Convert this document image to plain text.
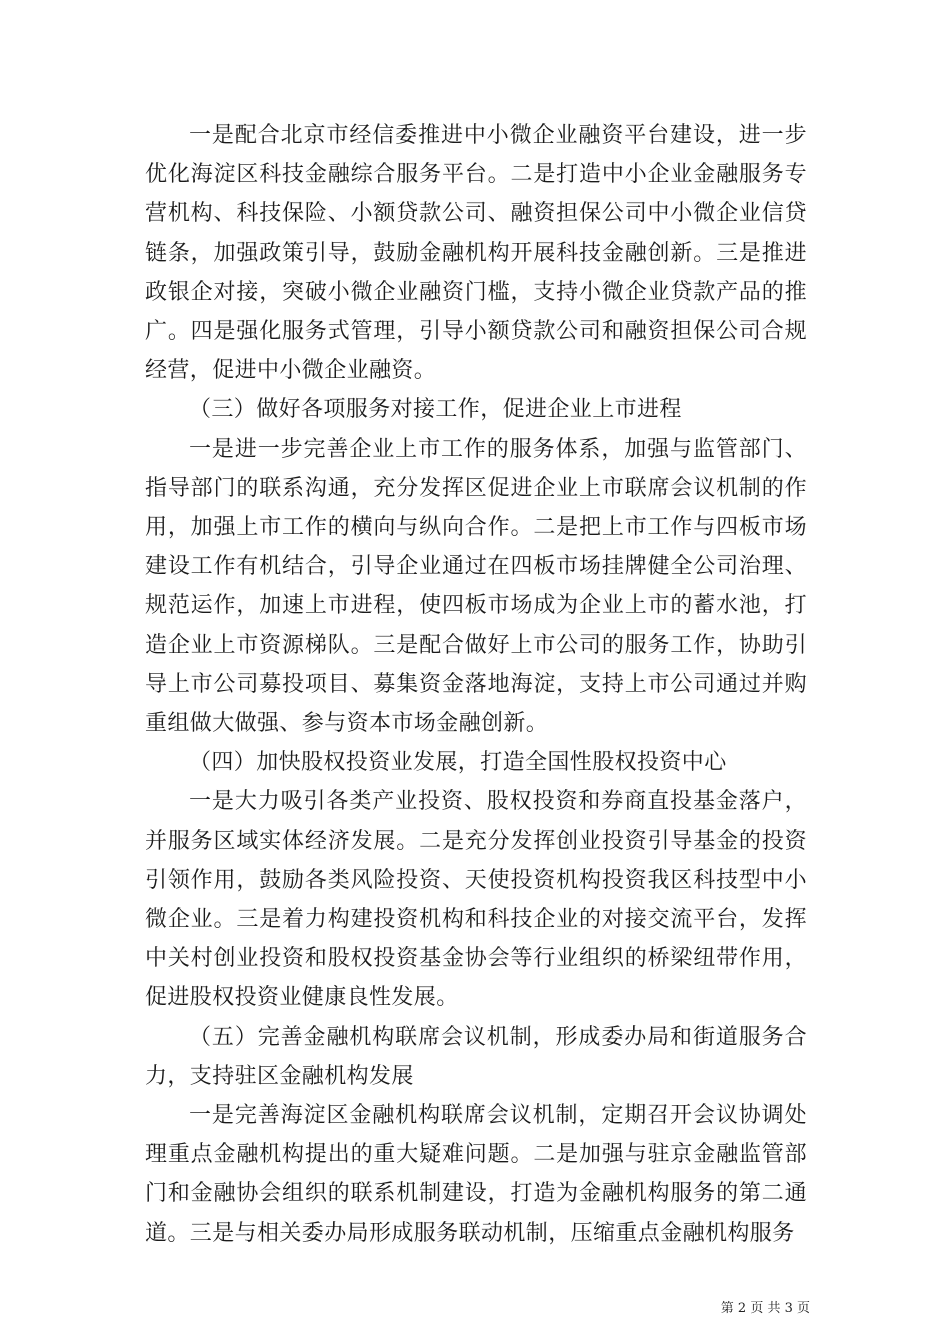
一是配合北京市经信委推进中小微企业融资平台建设，进一步优化海淀区科技金融综合服务平台。二是打造中小企业金融服务专营机构、科技保险、小额贷款公司、融资担保公司中小微企业信贷链条，加强政策引导，鼓励金融机构开展科技金融创新。三是推进政银企对接，突破小微企业融资门槛，支持小微企业贷款产品的推广。四是强化服务式管理，引导小额贷款公司和融资担保公司合规经营，促进中小微企业融资。

（三）做好各项服务对接工作，促进企业上市进程

一是进一步完善企业上市工作的服务体系，加强与监管部门、指导部门的联系沟通，充分发挥区促进企业上市联席会议机制的作用，加强上市工作的横向与纵向合作。二是把上市工作与四板市场建设工作有机结合，引导企业通过在四板市场挂牌健全公司治理、规范运作，加速上市进程，使四板市场成为企业上市的蓄水池，打造企业上市资源梯队。三是配合做好上市公司的服务工作，协助引导上市公司募投项目、募集资金落地海淀，支持上市公司通过并购重组做大做强、参与资本市场金融创新。

（四）加快股权投资业发展，打造全国性股权投资中心

一是大力吸引各类产业投资、股权投资和券商直投基金落户，并服务区域实体经济发展。二是充分发挥创业投资引导基金的投资引领作用，鼓励各类风险投资、天使投资机构投资我区科技型中小微企业。三是着力构建投资机构和科技企业的对接交流平台，发挥中关村创业投资和股权投资基金协会等行业组织的桥梁纽带作用，促进股权投资业健康良性发展。

（五）完善金融机构联席会议机制，形成委办局和街道服务合力，支持驻区金融机构发展

一是完善海淀区金融机构联席会议机制，定期召开会议协调处理重点金融机构提出的重大疑难问题。二是加强与驻京金融监管部门和金融协会组织的联系机制建设，打造为金融机构服务的第二通道。三是与相关委办局形成服务联动机制，压缩重点金融机构服务

第 2 页 共 3 页
